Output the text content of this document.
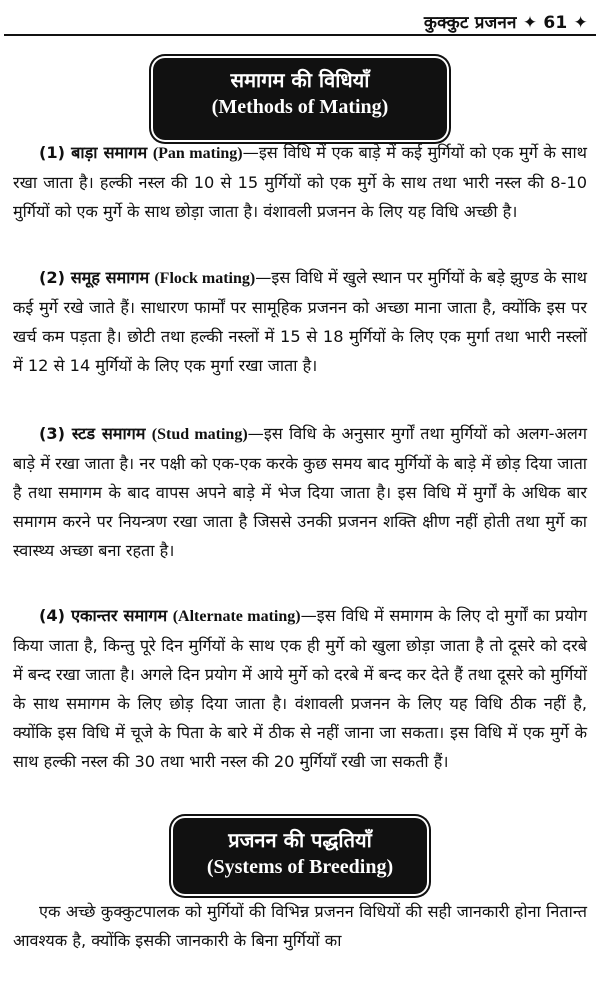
कुक्कुट प्रजनन ✦ 61 ✦
समागम की विधियाँ
(Methods of Mating)

(1) बाड़ा समागम (Pan mating)—इस विधि में एक बाड़े में कई मुर्गियों को एक मुर्गे के साथ रखा जाता है। हल्की नस्ल की 10 से 15 मुर्गियों को एक मुर्गे के साथ तथा भारी नस्ल की 8-10 मुर्गियों को एक मुर्गे के साथ छोड़ा जाता है। वंशावली प्रजनन के लिए यह विधि अच्छी है।

(2) समूह समागम (Flock mating)—इस विधि में खुले स्थान पर मुर्गियों के बड़े झुण्ड के साथ कई मुर्गे रखे जाते हैं। साधारण फार्मों पर सामूहिक प्रजनन को अच्छा माना जाता है, क्योंकि इस पर खर्च कम पड़ता है। छोटी तथा हल्की नस्लों में 15 से 18 मुर्गियों के लिए एक मुर्गा तथा भारी नस्लों में 12 से 14 मुर्गियों के लिए एक मुर्गा रखा जाता है।

(3) स्टड समागम (Stud mating)—इस विधि के अनुसार मुर्गों तथा मुर्गियों को अलग-अलग बाड़े में रखा जाता है। नर पक्षी को एक-एक करके कुछ समय बाद मुर्गियों के बाड़े में छोड़ दिया जाता है तथा समागम के बाद वापस अपने बाड़े में भेज दिया जाता है। इस विधि में मुर्गों के अधिक बार समागम करने पर नियन्त्रण रखा जाता है जिससे उनकी प्रजनन शक्ति क्षीण नहीं होती तथा मुर्गे का स्वास्थ्य अच्छा बना रहता है।

(4) एकान्तर समागम (Alternate mating)—इस विधि में समागम के लिए दो मुर्गों का प्रयोग किया जाता है, किन्तु पूरे दिन मुर्गियों के साथ एक ही मुर्गे को खुला छोड़ा जाता है तो दूसरे को दरबे में बन्द रखा जाता है। अगले दिन प्रयोग में आये मुर्गे को दरबे में बन्द कर देते हैं तथा दूसरे को मुर्गियों के साथ समागम के लिए छोड़ दिया जाता है। वंशावली प्रजनन के लिए यह विधि ठीक नहीं है, क्योंकि इस विधि में चूजे के पिता के बारे में ठीक से नहीं जाना जा सकता। इस विधि में एक मुर्गे के साथ हल्की नस्ल की 30 तथा भारी नस्ल की 20 मुर्गियाँ रखी जा सकती हैं।

प्रजनन की पद्धतियाँ
(Systems of Breeding)

एक अच्छे कुक्कुटपालक को मुर्गियों की विभिन्न प्रजनन विधियों की सही जानकारी होना नितान्त आवश्यक है, क्योंकि इसकी जानकारी के बिना मुर्गियों का
